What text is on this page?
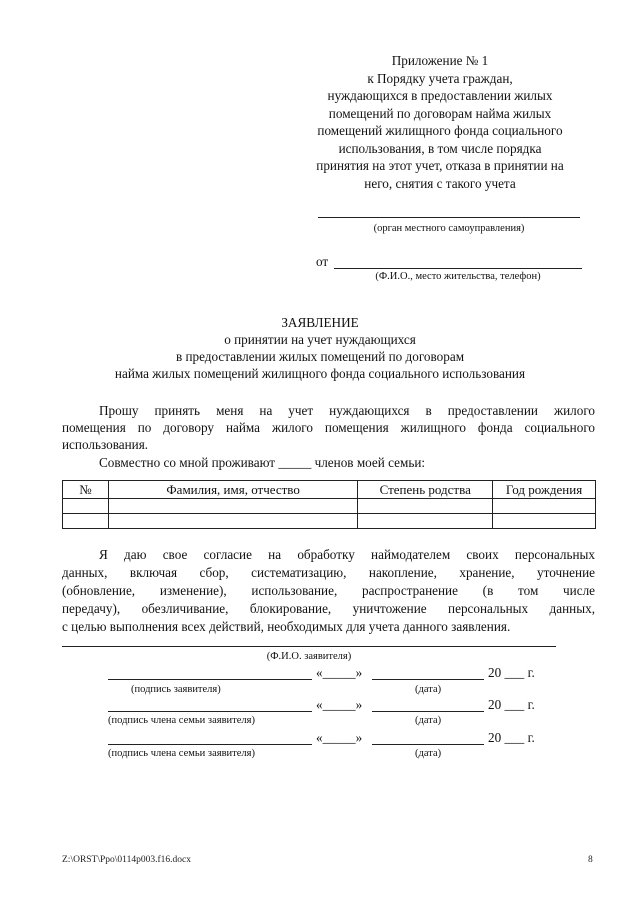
Приложение № 1
к Порядку учета граждан,
нуждающихся в предоставлении жилых
помещений по договорам найма жилых
помещений жилищного фонда социального
использования, в том числе порядка
принятия на этот учет, отказа в принятии на
него, снятия с такого учета
(орган местного самоуправления)
от
(Ф.И.О., место жительства, телефон)
ЗАЯВЛЕНИЕ
о принятии на учет нуждающихся
в предоставлении жилых помещений по договорам
найма жилых помещений жилищного фонда социального использования
Прошу принять меня на учет нуждающихся в предоставлении жилого
помещения по договору найма жилого помещения жилищного фонда социального
использования.
Совместно со мной проживают _____ членов моей семьи:
№	Фамилия, имя, отчество	Степень родства	Год рождения

Я даю свое согласие на обработку наймодателем своих персональных
данных, включая сбор, систематизацию, накопление, хранение, уточнение
(обновление, изменение), использование, распространение (в том числе
передачу), обезличивание, блокирование, уничтожение персональных данных,
с целью выполнения всех действий, необходимых для учета данного заявления.
(Ф.И.О. заявителя)
«_____»	20 ___ г.
(подпись заявителя)	(дата)
«_____»	20 ___ г.
(подпись члена семьи заявителя)	(дата)
«_____»	20 ___ г.
(подпись члена семьи заявителя)	(дата)
Z:\ORST\Ppo\0114p003.f16.docx	8
